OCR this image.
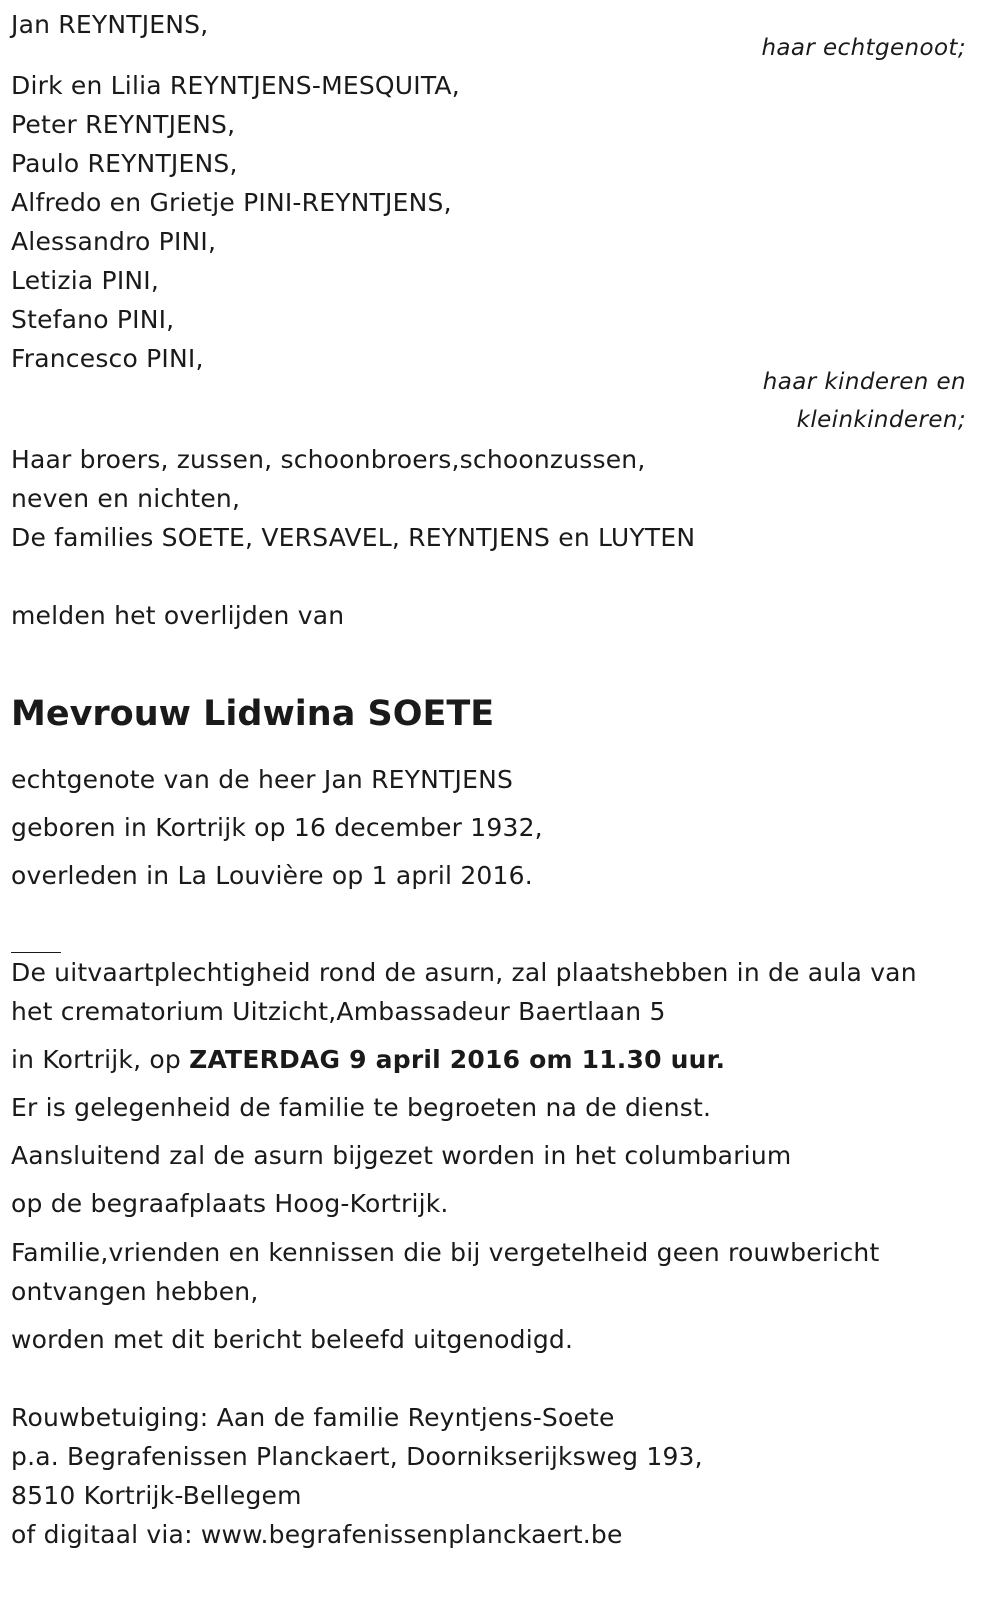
Jan REYNTJENS,
haar echtgenoot;
Dirk en Lilia REYNTJENS-MESQUITA,
Peter REYNTJENS,
Paulo REYNTJENS,
Alfredo en Grietje PINI-REYNTJENS,
Alessandro PINI,
Letizia PINI,
Stefano PINI,
Francesco PINI,
haar kinderen en
kleinkinderen;
Haar broers, zussen, schoonbroers,schoonzussen,
neven en nichten,
De families SOETE, VERSAVEL, REYNTJENS en LUYTEN
melden het overlijden van
Mevrouw Lidwina SOETE
echtgenote van de heer Jan REYNTJENS
geboren in Kortrijk op 16 december 1932,
overleden in La Louvière op 1 april 2016.
De uitvaartplechtigheid rond de asurn, zal plaatshebben in de aula van
het crematorium Uitzicht,Ambassadeur Baertlaan 5
in Kortrijk, op ZATERDAG 9 april 2016 om 11.30 uur.
Er is gelegenheid de familie te begroeten na de dienst.
Aansluitend zal de asurn bijgezet worden in het columbarium
op de begraafplaats Hoog-Kortrijk.
Familie,vrienden en kennissen die bij vergetelheid geen rouwbericht
ontvangen hebben,
worden met dit bericht beleefd uitgenodigd.
Rouwbetuiging: Aan de familie Reyntjens-Soete
p.a. Begrafenissen Planckaert, Doornikserijksweg 193,
8510 Kortrijk-Bellegem
of digitaal via: www.begrafenissenplanckaert.be
